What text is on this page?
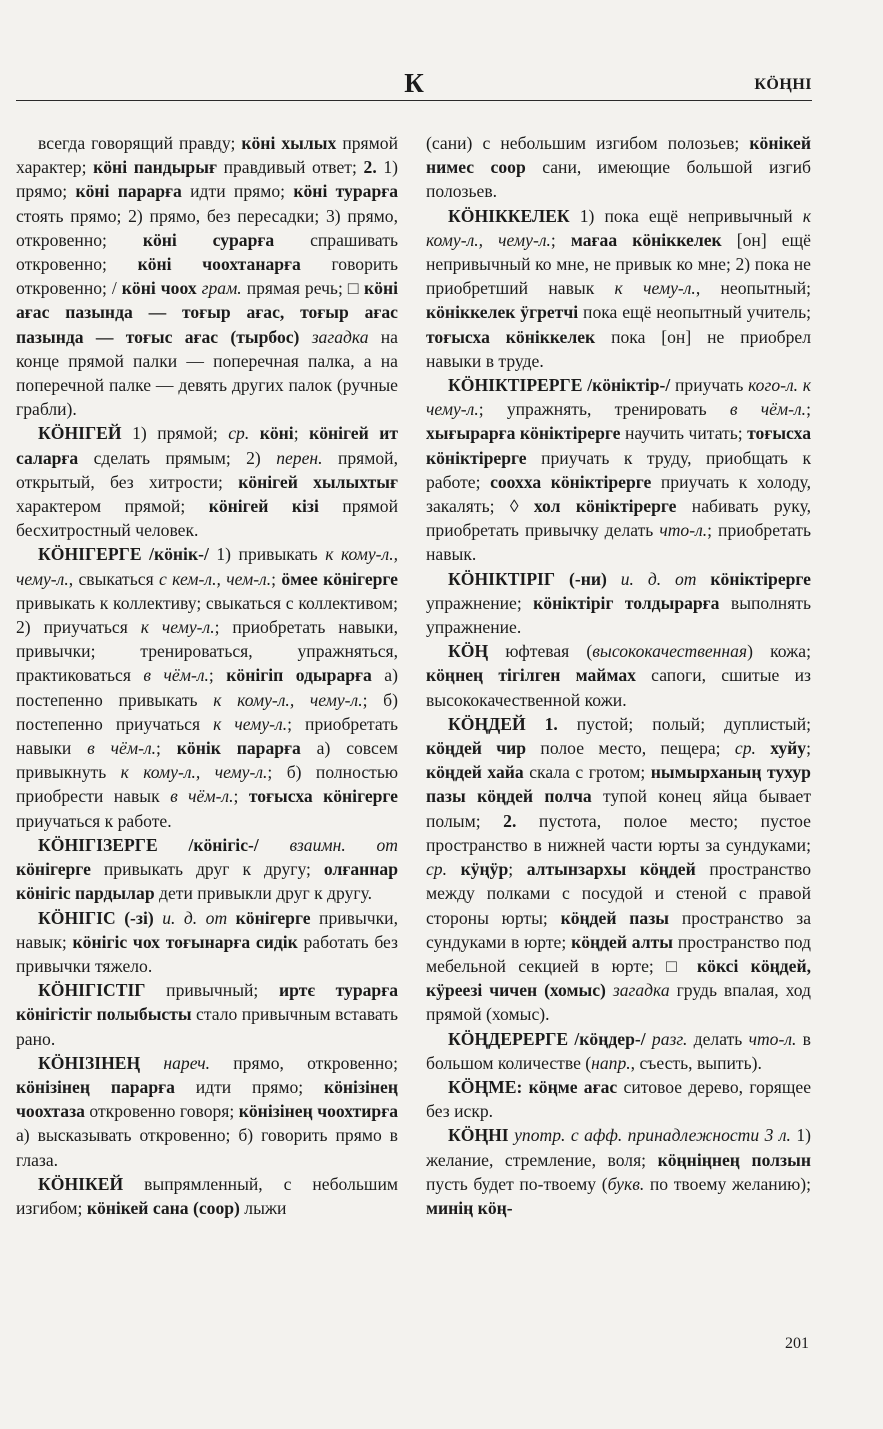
К	КӦҢНІ

всегда говорящий правду; кӧні хылых прямой характер; кӧні пандырығ правдивый ответ; 2. 1) прямо; кӧні парарға идти прямо; кӧні турарға стоять прямо; 2) прямо, без пересадки; 3) прямо, откровенно; кӧні сурарға спрашивать откровенно; кӧні чоохтанарға говорить откровенно; / кӧні чоох грам. прямая речь; □ кӧні ағас пазында — тоғыр ағас, тоғыр ағас пазында — тоғыс ағас (тырбос) загадка на конце прямой палки — поперечная палка, а на поперечной палке — девять других палок (ручные грабли).

КӦНІГЕЙ 1) прямой; ср. кӧні; кӧнігей ит саларға сделать прямым; 2) перен. прямой, открытый, без хитрости; кӧнігей хылыхтығ характером прямой; кӧнігей кізі прямой бесхитростный человек.

КӦНІГЕРГЕ /кӧнік-/ 1) привыкать к кому-л., чему-л., свыкаться с кем-л., чем-л.; ӧмее кӧнігерге привыкать к коллективу; свыкаться с коллективом; 2) приучаться к чему-л.; приобретать навыки, привычки; тренироваться, упражняться, практиковаться в чём-л.; кӧнігіп одырарға а) постепенно привыкать к кому-л., чему-л.; б) постепенно приучаться к чему-л.; приобретать навыки в чём-л.; кӧнік парарға а) совсем привыкнуть к кому-л., чему-л.; б) полностью приобрести навык в чём-л.; тоғысха кӧнігерге приучаться к работе.

КӦНІГІЗЕРГЕ /кӧнігіс-/ взаимн. от кӧнігерге привыкать друг к другу; олғаннар кӧнігіс пардылар дети привыкли друг к другу.

КӦНІГІС (-зі) и. д. от кӧнігерге привычки, навык; кӧнігіс чох тоғынарға сидік работать без привычки тяжело.

КӦНІГІСТІГ привычный; иртє турарға кӧнігістіг полыбысты стало привычным вставать рано.

КӦНІЗІНЕҢ нареч. прямо, откровенно; кӧнізінең парарға идти прямо; кӧнізінең чоохтаза откровенно говоря; кӧнізінең чоохтирға а) высказывать откровенно; б) говорить прямо в глаза.

КӦНІКЕЙ выпрямленный, с небольшим изгибом; кӧнікей сана (соор) лыжи

(сани) с небольшим изгибом полозьев; кӧнікей нимес соор сани, имеющие большой изгиб полозьев.

КӦНІККЕЛЕК 1) пока ещё непривычный к кому-л., чему-л.; мағаа кӧніккелек [он] ещё непривычный ко мне, не привык ко мне; 2) пока не приобретший навык к чему-л., неопытный; кӧніккелек ӱгретчі пока ещё неопытный учитель; тоғысха кӧніккелек пока [он] не приобрел навыки в труде.

КӦНІКТІРЕРГЕ /кӧніктір-/ приучать кого-л. к чему-л.; упражнять, тренировать в чём-л.; хығырарға кӧніктірерге научить читать; тоғысха кӧніктірерге приучать к труду, приобщать к работе; соохха кӧніктірерге приучать к холоду, закалять; ◊ хол кӧніктірерге набивать руку, приобретать привычку делать что-л.; приобретать навык.

КӦНІКТІРІГ (-ни) и. д. от кӧніктірерге упражнение; кӧніктіріг толдырарға выполнять упражнение.

КӦҢ юфтевая (высококачественная) кожа; кӧңнең тігілген маймах сапоги, сшитые из высококачественной кожи.

КӦҢДЕЙ 1. пустой; полый; дуплистый; кӧңдей чир полое место, пещера; ср. хуйу; кӧңдей хайа скала с гротом; нымырханың тухур пазы кӧңдей полча тупой конец яйца бывает полым; 2. пустота, полое место; пустое пространство в нижней части юрты за сундуками; ср. кӱңӱр; алтынзархы кӧңдей пространство между полками с посудой и стеной с правой стороны юрты; кӧңдей пазы пространство за сундуками в юрте; кӧңдей алты пространство под мебельной секцией в юрте; □ кӧксі кӧңдей, кӱреезі чичен (хомыс) загадка грудь впалая, ход прямой (хомыс).

КӦҢДЕРЕРГЕ /кӧңдер-/ разг. делать что-л. в большом количестве (напр., съесть, выпить).

КӦҢМЕ: кӧңме ағас ситовое дерево, горящее без искр.

КӦҢНІ употр. с афф. принадлежности 3 л. 1) желание, стремление, воля; кӧңніңнең ползын пусть будет по-твоему (букв. по твоему желанию); минің кӧң-

201
